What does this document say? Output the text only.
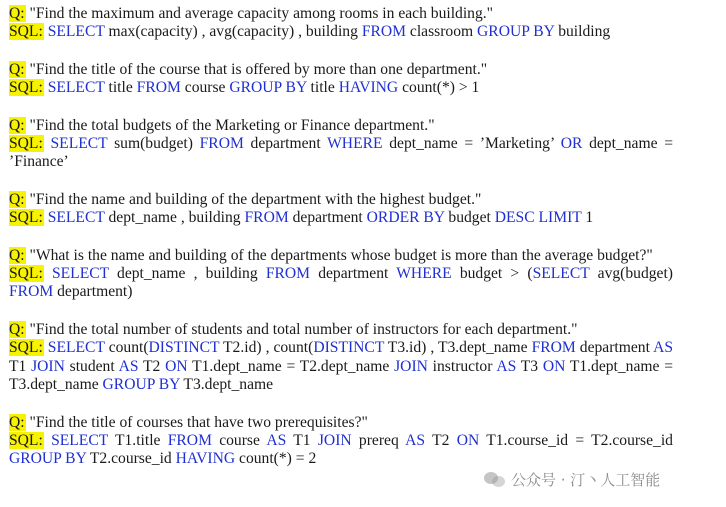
Q: "Find the maximum and average capacity among rooms in each building."
SQL: SELECT max(capacity) , avg(capacity) , building FROM classroom GROUP BY building
Q: "Find the title of the course that is offered by more than one department."
SQL: SELECT title FROM course GROUP BY title HAVING count(*) > 1
Q: "Find the total budgets of the Marketing or Finance department."
SQL: SELECT sum(budget) FROM department WHERE dept_name = ’Marketing’ OR dept_name = ’Finance’
Q: "Find the name and building of the department with the highest budget."
SQL: SELECT dept_name , building FROM department ORDER BY budget DESC LIMIT 1
Q: "What is the name and building of the departments whose budget is more than the average budget?"
SQL: SELECT dept_name , building FROM department WHERE budget > (SELECT avg(budget) FROM department)
Q: "Find the total number of students and total number of instructors for each department."
SQL: SELECT count(DISTINCT T2.id) , count(DISTINCT T3.id) , T3.dept_name FROM department AS T1 JOIN student AS T2 ON T1.dept_name = T2.dept_name JOIN instructor AS T3 ON T1.dept_name = T3.dept_name GROUP BY T3.dept_name
Q: "Find the title of courses that have two prerequisites?"
SQL: SELECT T1.title FROM course AS T1 JOIN prereq AS T2 ON T1.course_id = T2.course_id GROUP BY T2.course_id HAVING count(*) = 2
公众号 · 汀丶人工智能
